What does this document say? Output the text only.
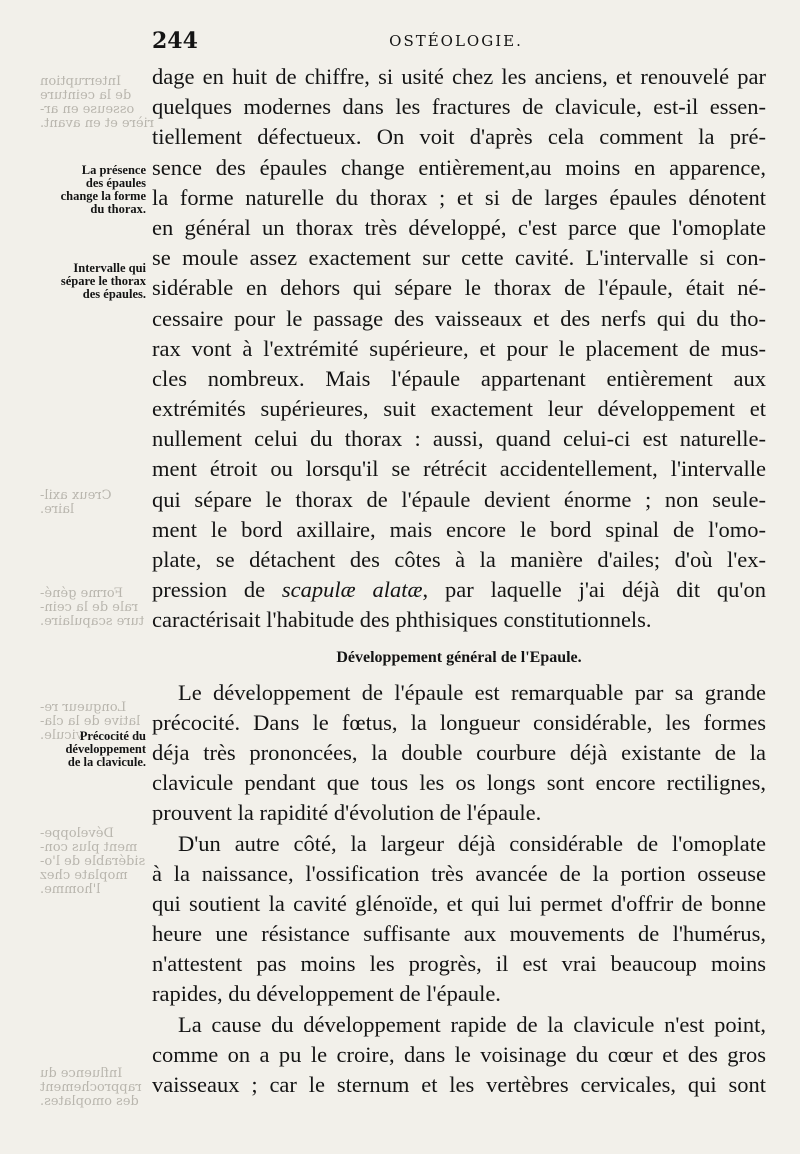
Interruption
de la ceinture
osseuse en ar-
rière et en avant.
Creux axil-
laire.
Forme géné-
rale de la cein-
ture scapulaire.
Longueur re-
lative de la cla-
vicule.
Développe-
ment plus con-
sidérable de l'o-
moplate chez
l'homme.
Influence du
rapprochement
des omoplates.
244	OSTÉOLOGIE.
La présence
des épaules
change la forme
du thorax.
Intervalle qui
sépare le thorax
des épaules.
Précocité du
développement
de la clavicule.
dage en huit de chiffre, si usité chez les anciens, et renouvelé par
quelques modernes dans les fractures de clavicule, est-il essen-
tiellement défectueux. On voit d'après cela comment la pré-
sence des épaules change entièrement,au moins en apparence,
la forme naturelle du thorax ; et si de larges épaules dénotent
en général un thorax très développé, c'est parce que l'omoplate
se moule assez exactement sur cette cavité. L'intervalle si con-
sidérable en dehors qui sépare le thorax de l'épaule, était né-
cessaire pour le passage des vaisseaux et des nerfs qui du tho-
rax vont à l'extrémité supérieure, et pour le placement de mus-
cles nombreux. Mais l'épaule appartenant entièrement aux
extrémités supérieures, suit exactement leur développement et
nullement celui du thorax : aussi, quand celui-ci est naturelle-
ment étroit ou lorsqu'il se rétrécit accidentellement, l'intervalle
qui sépare le thorax de l'épaule devient énorme ; non seule-
ment le bord axillaire, mais encore le bord spinal de l'omo-
plate, se détachent des côtes à la manière d'ailes; d'où l'ex-
pression de scapulæ alatæ, par laquelle j'ai déjà dit qu'on
caractérisait l'habitude des phthisiques constitutionnels.
Développement général de l'Epaule.
Le développement de l'épaule est remarquable par sa grande
précocité. Dans le fœtus, la longueur considérable, les formes
déja très prononcées, la double courbure déjà existante de la
clavicule pendant que tous les os longs sont encore rectilignes,
prouvent la rapidité d'évolution de l'épaule.
D'un autre côté, la largeur déjà considérable de l'omoplate
à la naissance, l'ossification très avancée de la portion osseuse
qui soutient la cavité glénoïde, et qui lui permet d'offrir de bonne
heure une résistance suffisante aux mouvements de l'humérus,
n'attestent pas moins les progrès, il est vrai beaucoup moins
rapides, du développement de l'épaule.
La cause du développement rapide de la clavicule n'est point,
comme on a pu le croire, dans le voisinage du cœur et des gros
vaisseaux ; car le sternum et les vertèbres cervicales, qui sont
